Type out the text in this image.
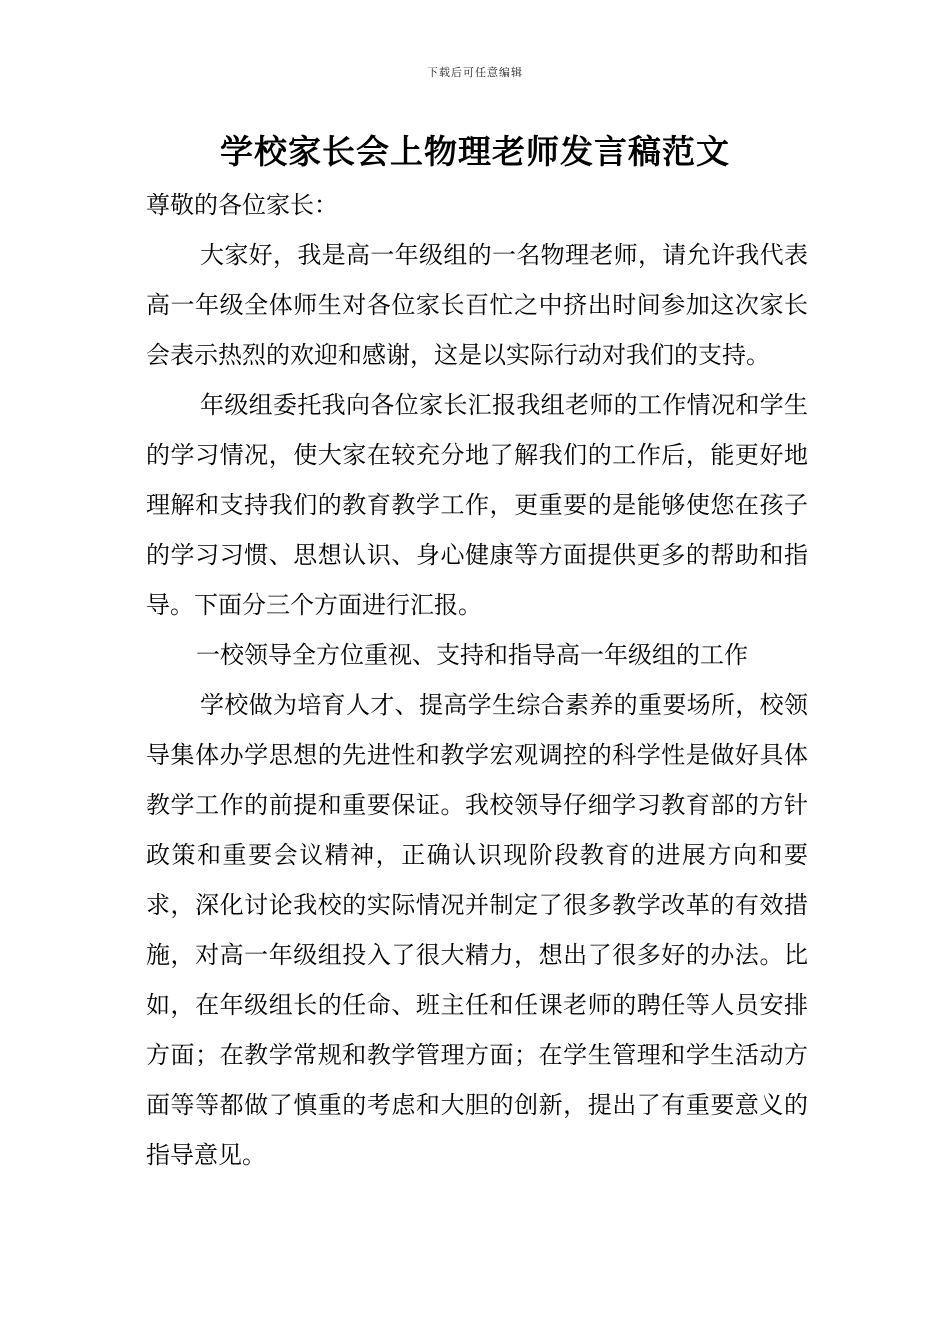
下载后可任意编辑
学校家长会上物理老师发言稿范文

尊敬的各位家长：

大家好，我是高一年级组的一名物理老师，请允许我代表高一年级全体师生对各位家长百忙之中挤出时间参加这次家长会表示热烈的欢迎和感谢，这是以实际行动对我们的支持。

年级组委托我向各位家长汇报我组老师的工作情况和学生的学习情况，使大家在较充分地了解我们的工作后，能更好地理解和支持我们的教育教学工作，更重要的是能够使您在孩子的学习习惯、思想认识、身心健康等方面提供更多的帮助和指导。下面分三个方面进行汇报。

一校领导全方位重视、支持和指导高一年级组的工作

学校做为培育人才、提高学生综合素养的重要场所，校领导集体办学思想的先进性和教学宏观调控的科学性是做好具体教学工作的前提和重要保证。我校领导仔细学习教育部的方针政策和重要会议精神，正确认识现阶段教育的进展方向和要求，深化讨论我校的实际情况并制定了很多教学改革的有效措施，对高一年级组投入了很大精力，想出了很多好的办法。比如，在年级组长的任命、班主任和任课老师的聘任等人员安排方面；在教学常规和教学管理方面；在学生管理和学生活动方面等等都做了慎重的考虑和大胆的创新，提出了有重要意义的指导意见。
